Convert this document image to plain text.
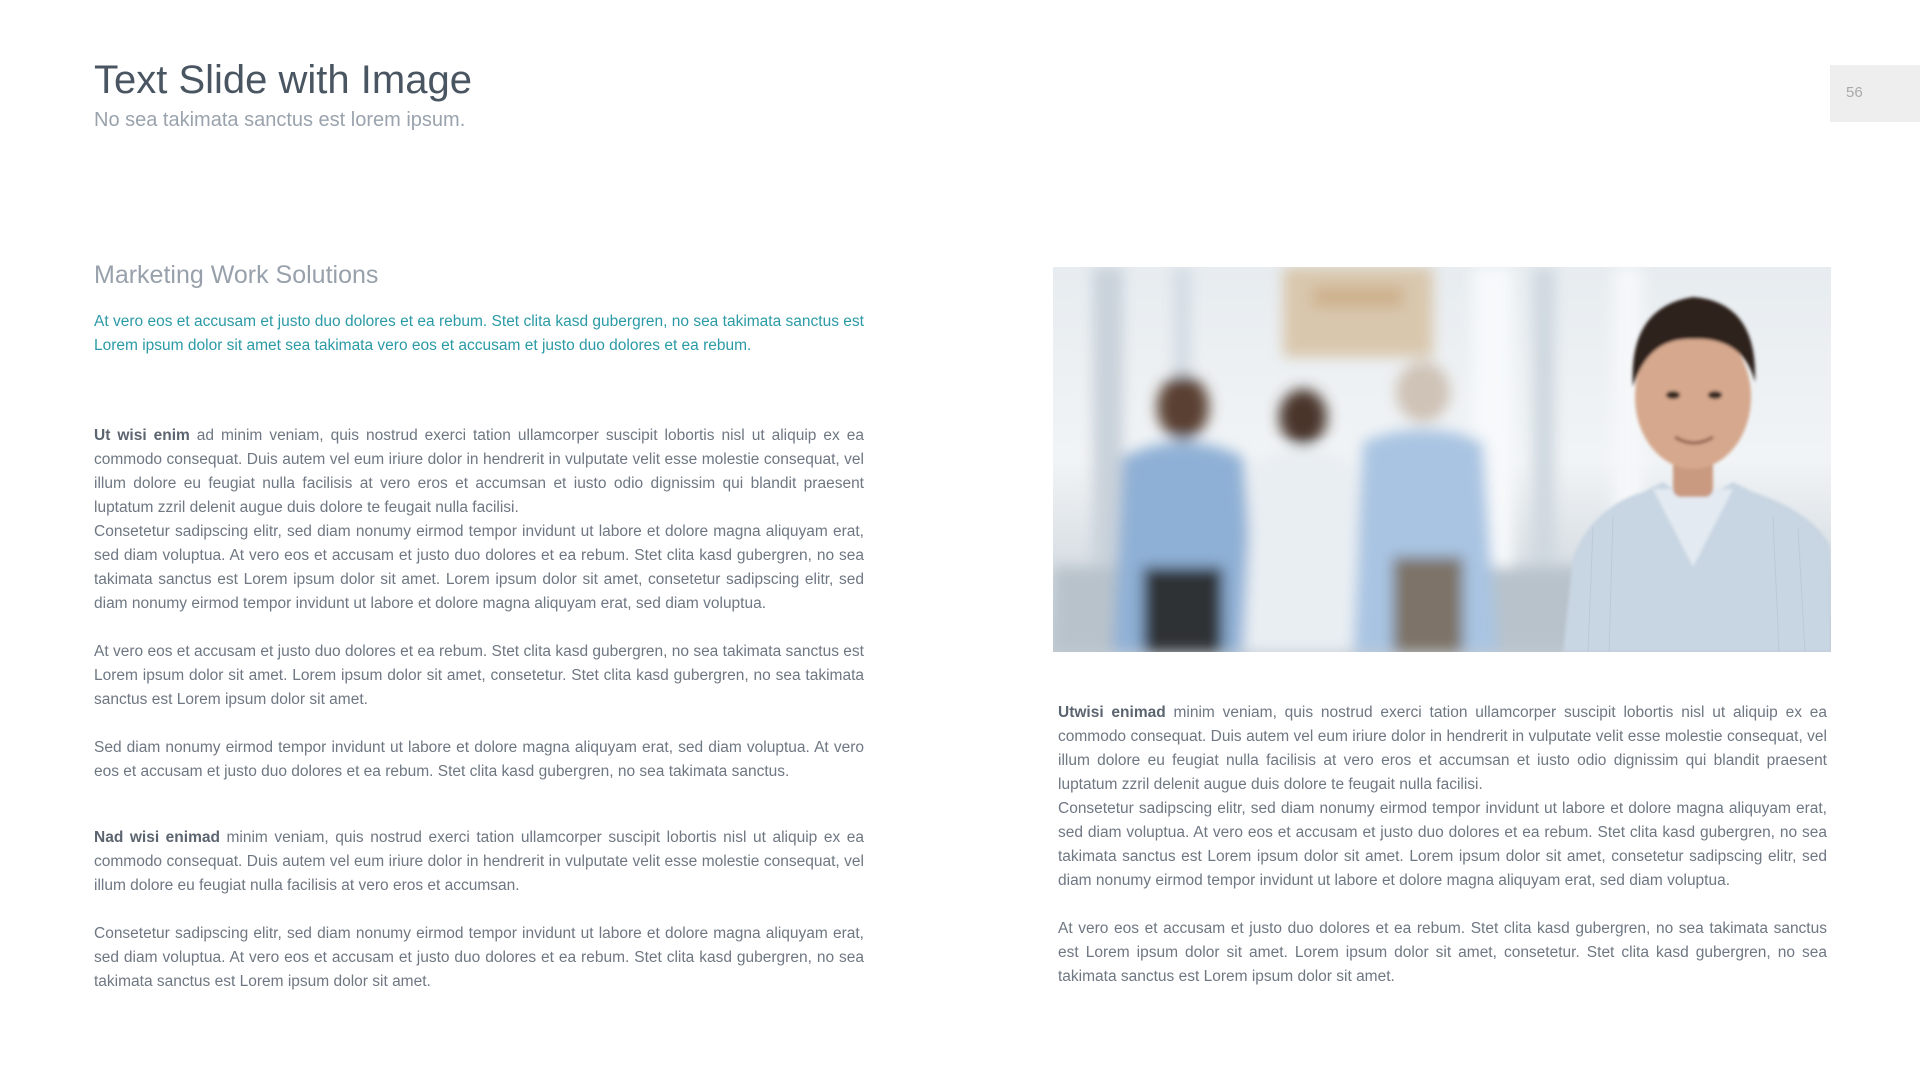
Text Slide with Image

No sea takimata sanctus est lorem ipsum.

56
Marketing Work Solutions

At vero eos et accusam et justo duo dolores et ea rebum. Stet clita kasd gubergren, no sea takimata sanctus est Lorem ipsum dolor sit amet sea takimata vero eos et accusam et justo duo dolores et ea rebum.

Ut wisi enim ad minim veniam, quis nostrud exerci tation ullamcorper suscipit lobortis nisl ut aliquip ex ea commodo consequat. Duis autem vel eum iriure dolor in hendrerit in vulputate velit esse molestie consequat, vel illum dolore eu feugiat nulla facilisis at vero eros et accumsan et iusto odio dignissim qui blandit praesent luptatum zzril delenit augue duis dolore te feugait nulla facilisi.

Consetetur sadipscing elitr, sed diam nonumy eirmod tempor invidunt ut labore et dolore magna aliquyam erat, sed diam voluptua. At vero eos et accusam et justo duo dolores et ea rebum. Stet clita kasd gubergren, no sea takimata sanctus est Lorem ipsum dolor sit amet. Lorem ipsum dolor sit amet, consetetur sadipscing elitr, sed diam nonumy eirmod tempor invidunt ut labore et dolore magna aliquyam erat, sed diam voluptua.

At vero eos et accusam et justo duo dolores et ea rebum. Stet clita kasd gubergren, no sea takimata sanctus est Lorem ipsum dolor sit amet. Lorem ipsum dolor sit amet, consetetur. Stet clita kasd gubergren, no sea takimata sanctus est Lorem ipsum dolor sit amet.

Sed diam nonumy eirmod tempor invidunt ut labore et dolore magna aliquyam erat, sed diam voluptua. At vero eos et accusam et justo duo dolores et ea rebum. Stet clita kasd gubergren, no sea takimata sanctus.

Nad wisi enimad minim veniam, quis nostrud exerci tation ullamcorper suscipit lobortis nisl ut aliquip ex ea commodo consequat. Duis autem vel eum iriure dolor in hendrerit in vulputate velit esse molestie consequat, vel illum dolore eu feugiat nulla facilisis at vero eros et accumsan.

Consetetur sadipscing elitr, sed diam nonumy eirmod tempor invidunt ut labore et dolore magna aliquyam erat, sed diam voluptua. At vero eos et accusam et justo duo dolores et ea rebum. Stet clita kasd gubergren, no sea takimata sanctus est Lorem ipsum dolor sit amet.

Utwisi enimad minim veniam, quis nostrud exerci tation ullamcorper suscipit lobortis nisl ut aliquip ex ea commodo consequat. Duis autem vel eum iriure dolor in hendrerit in vulputate velit esse molestie consequat, vel illum dolore eu feugiat nulla facilisis at vero eros et accumsan et iusto odio dignissim qui blandit praesent luptatum zzril delenit augue duis dolore te feugait nulla facilisi.

Consetetur sadipscing elitr, sed diam nonumy eirmod tempor invidunt ut labore et dolore magna aliquyam erat, sed diam voluptua. At vero eos et accusam et justo duo dolores et ea rebum. Stet clita kasd gubergren, no sea takimata sanctus est Lorem ipsum dolor sit amet. Lorem ipsum dolor sit amet, consetetur sadipscing elitr, sed diam nonumy eirmod tempor invidunt ut labore et dolore magna aliquyam erat, sed diam voluptua.

At vero eos et accusam et justo duo dolores et ea rebum. Stet clita kasd gubergren, no sea takimata sanctus est Lorem ipsum dolor sit amet. Lorem ipsum dolor sit amet, consetetur. Stet clita kasd gubergren, no sea takimata sanctus est Lorem ipsum dolor sit amet.
